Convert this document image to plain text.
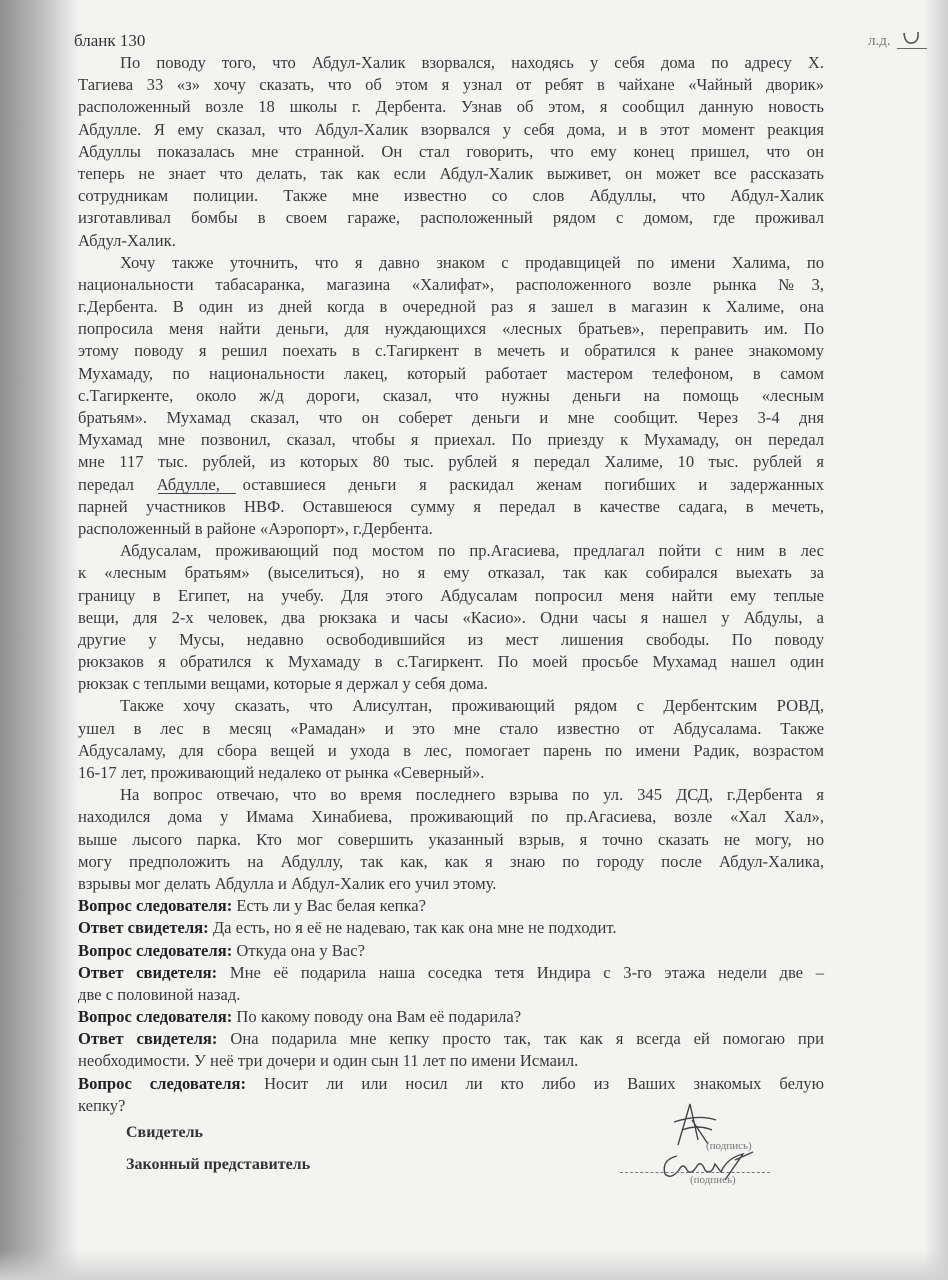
бланк 130	л.д.
По поводу того, что Абдул-Халик взорвался, находясь у себя дома по адресу Х.
Тагиева 33 «з» хочу сказать, что об этом я узнал от ребят в чайхане «Чайный дворик»
расположенный возле 18 школы г. Дербента. Узнав об этом, я сообщил данную новость
Абдулле. Я ему сказал, что Абдул-Халик взорвался у себя дома, и в этот момент реакция
Абдуллы показалась мне странной. Он стал говорить, что ему конец пришел, что он
теперь не знает что делать, так как если Абдул-Халик выживет, он может все рассказать
сотрудникам полиции. Также мне известно со слов Абдуллы, что Абдул-Халик
изготавливал бомбы в своем гараже, расположенный рядом с домом, где проживал
Абдул-Халик.
Хочу также уточнить, что я давно знаком с продавщицей по имени Халима, по
национальности табасаранка, магазина «Халифат», расположенного возле рынка №3,
г.Дербента. В один из дней когда в очередной раз я зашел в магазин к Халиме, она
попросила меня найти деньги, для нуждающихся «лесных братьев», переправить им. По
этому поводу я решил поехать в с.Тагиркент в мечеть и обратился к ранее знакомому
Мухамаду, по национальности лакец, который работает мастером телефоном, в самом
с.Тагиркенте, около ж/д дороги, сказал, что нужны деньги на помощь «лесным
братьям». Мухамад сказал, что он соберет деньги и мне сообщит. Через 3-4 дня
Мухамад мне позвонил, сказал, чтобы я приехал. По приезду к Мухамаду, он передал
мне 117 тыс. рублей, из которых 80 тыс. рублей я передал Халиме, 10 тыс. рублей я
передал Абдулле, оставшиеся деньги я раскидал женам погибших и задержанных
парней участников НВФ. Оставшеюся сумму я передал в качестве садага, в мечеть,
расположенный в районе «Аэропорт», г.Дербента.
Абдусалам, проживающий под мостом по пр.Агасиева, предлагал пойти с ним в лес
к «лесным братьям» (выселиться), но я ему отказал, так как собирался выехать за
границу в Египет, на учебу. Для этого Абдусалам попросил меня найти ему теплые
вещи, для 2-х человек, два рюкзака и часы «Касио». Одни часы я нашел у Абдулы, а
другие у Мусы, недавно освободившийся из мест лишения свободы. По поводу
рюкзаков я обратился к Мухамаду в с.Тагиркент. По моей просьбе Мухамад нашел один
рюкзак с теплыми вещами, которые я держал у себя дома.
Также хочу сказать, что Алисултан, проживающий рядом с Дербентским РОВД,
ушел в лес в месяц «Рамадан» и это мне стало известно от Абдусалама. Также
Абдусаламу, для сбора вещей и ухода в лес, помогает парень по имени Радик, возрастом
16-17 лет, проживающий недалеко от рынка «Северный».
На вопрос отвечаю, что во время последнего взрыва по ул. 345 ДСД, г.Дербента я
находился дома у Имама Хинабиева, проживающий по пр.Агасиева, возле «Хал Хал»,
выше лысого парка. Кто мог совершить указанный взрыв, я точно сказать не могу, но
могу предположить на Абдуллу, так как, как я знаю по городу после Абдул-Халика,
взрывы мог делать Абдулла и Абдул-Халик его учил этому.
Вопрос следователя: Есть ли у Вас белая кепка?
Ответ свидетеля: Да есть, но я её не надеваю, так как она мне не подходит.
Вопрос следователя: Откуда она у Вас?
Ответ свидетеля: Мне её подарила наша соседка тетя Индира с 3-го этажа недели две –
две с половиной назад.
Вопрос следователя: По какому поводу она Вам её подарила?
Ответ свидетеля: Она подарила мне кепку просто так, так как я всегда ей помогаю при
необходимости. У неё три дочери и один сын 11 лет по имени Исмаил.
Вопрос следователя: Носит ли или носил ли кто либо из Ваших знакомых белую
кепку?
Свидетель
Законный представитель
(подпись)
(подпись)
